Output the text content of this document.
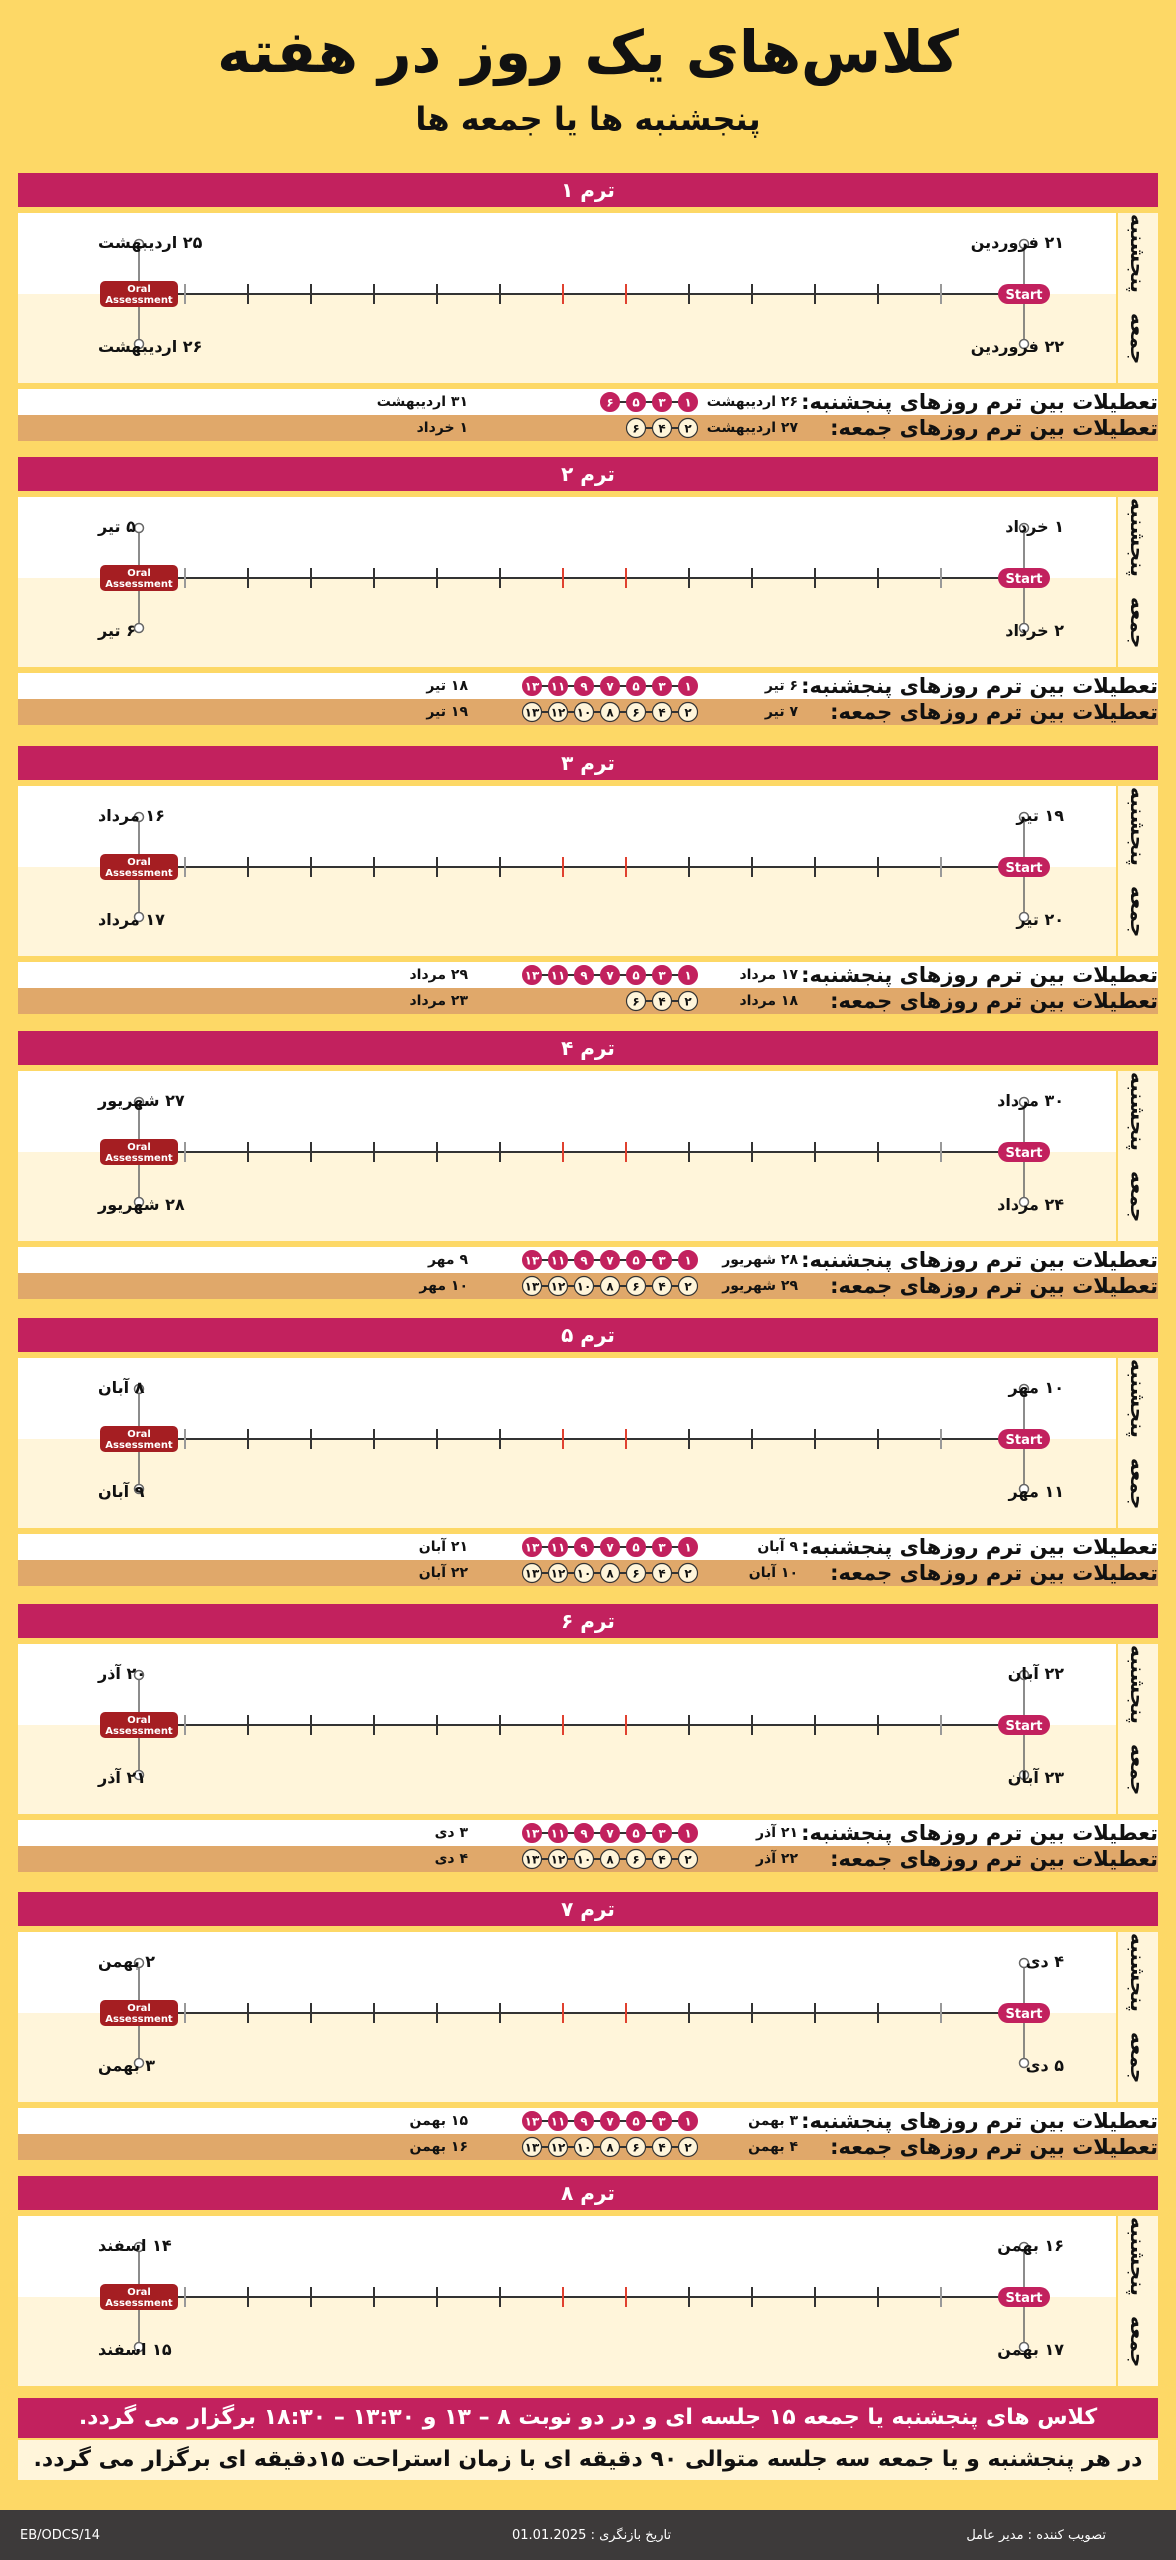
کلاس‌های یک روز در هفته
پنجشنبه ها یا جمعه ها
ترم ۱
پنجشنبه
جمعه
Start
Oral
Assessment
۲۱ فروردین
۲۵ اردیبهشت
۲۲ فروردین
۲۶ اردیبهشت
تعطیلات بین ترم روزهای پنجشنبه:
۲۶ اردیبهشت
۱
۳
۵
۶
۳۱ اردیبهشت
تعطیلات بین ترم روزهای جمعه:
۲۷ اردیبهشت
۲
۴
۶
۱ خرداد
ترم ۲
پنجشنبه
جمعه
Start
Oral
Assessment
۱ خرداد
۵ تیر
۲ خرداد
۶ تیر
تعطیلات بین ترم روزهای پنجشنبه:
۶ تیر
۱
۳
۵
۷
۹
۱۱
۱۳
۱۸ تیر
تعطیلات بین ترم روزهای جمعه:
۷ تیر
۲
۴
۶
۸
۱۰
۱۲
۱۳
۱۹ تیر
ترم ۳
پنجشنبه
جمعه
Start
Oral
Assessment
۱۹ تیر
۱۶ مرداد
۲۰ تیر
۱۷ مرداد
تعطیلات بین ترم روزهای پنجشنبه:
۱۷ مرداد
۱
۳
۵
۷
۹
۱۱
۱۳
۲۹ مرداد
تعطیلات بین ترم روزهای جمعه:
۱۸ مرداد
۲
۴
۶
۲۳ مرداد
ترم ۴
پنجشنبه
جمعه
Start
Oral
Assessment
۳۰ مرداد
۲۷ شهریور
۲۴ مرداد
۲۸ شهریور
تعطیلات بین ترم روزهای پنجشنبه:
۲۸ شهریور
۱
۳
۵
۷
۹
۱۱
۱۳
۹ مهر
تعطیلات بین ترم روزهای جمعه:
۲۹ شهریور
۲
۴
۶
۸
۱۰
۱۲
۱۳
۱۰ مهر
ترم ۵
پنجشنبه
جمعه
Start
Oral
Assessment
۱۰ مهر
۸ آبان
۱۱ مهر
۹ آبان
تعطیلات بین ترم روزهای پنجشنبه:
۹ آبان
۱
۳
۵
۷
۹
۱۱
۱۳
۲۱ آبان
تعطیلات بین ترم روزهای جمعه:
۱۰ آبان
۲
۴
۶
۸
۱۰
۱۲
۱۳
۲۲ آبان
ترم ۶
پنجشنبه
جمعه
Start
Oral
Assessment
۲۲ آبان
۲۰ آذر
۲۳ آبان
۲۱ آذر
تعطیلات بین ترم روزهای پنجشنبه:
۲۱ آذر
۱
۳
۵
۷
۹
۱۱
۱۳
۳ دی
تعطیلات بین ترم روزهای جمعه:
۲۲ آذر
۲
۴
۶
۸
۱۰
۱۲
۱۳
۴ دی
ترم ۷
پنجشنبه
جمعه
Start
Oral
Assessment
۴ دی
۲ بهمن
۵ دی
۳ بهمن
تعطیلات بین ترم روزهای پنجشنبه:
۳ بهمن
۱
۳
۵
۷
۹
۱۱
۱۳
۱۵ بهمن
تعطیلات بین ترم روزهای جمعه:
۴ بهمن
۲
۴
۶
۸
۱۰
۱۲
۱۳
۱۶ بهمن
ترم ۸
پنجشنبه
جمعه
Start
Oral
Assessment
۱۶ بهمن
۱۴ اسفند
۱۷ بهمن
۱۵ اسفند
کلاس های پنجشنبه یا جمعه ۱۵ جلسه ای و در دو نوبت ۸ – ۱۳ و ۱۳:۳۰ – ۱۸:۳۰ برگزار می گردد.
در هر پنجشنبه و یا جمعه سه جلسه متوالی ۹۰ دقیقه ای با زمان استراحت ۱۵دقیقه ای برگزار می گردد.
تصویب کننده : مدیر عامل
تاریخ بازنگری : 01.01.2025
EB/ODCS/14
